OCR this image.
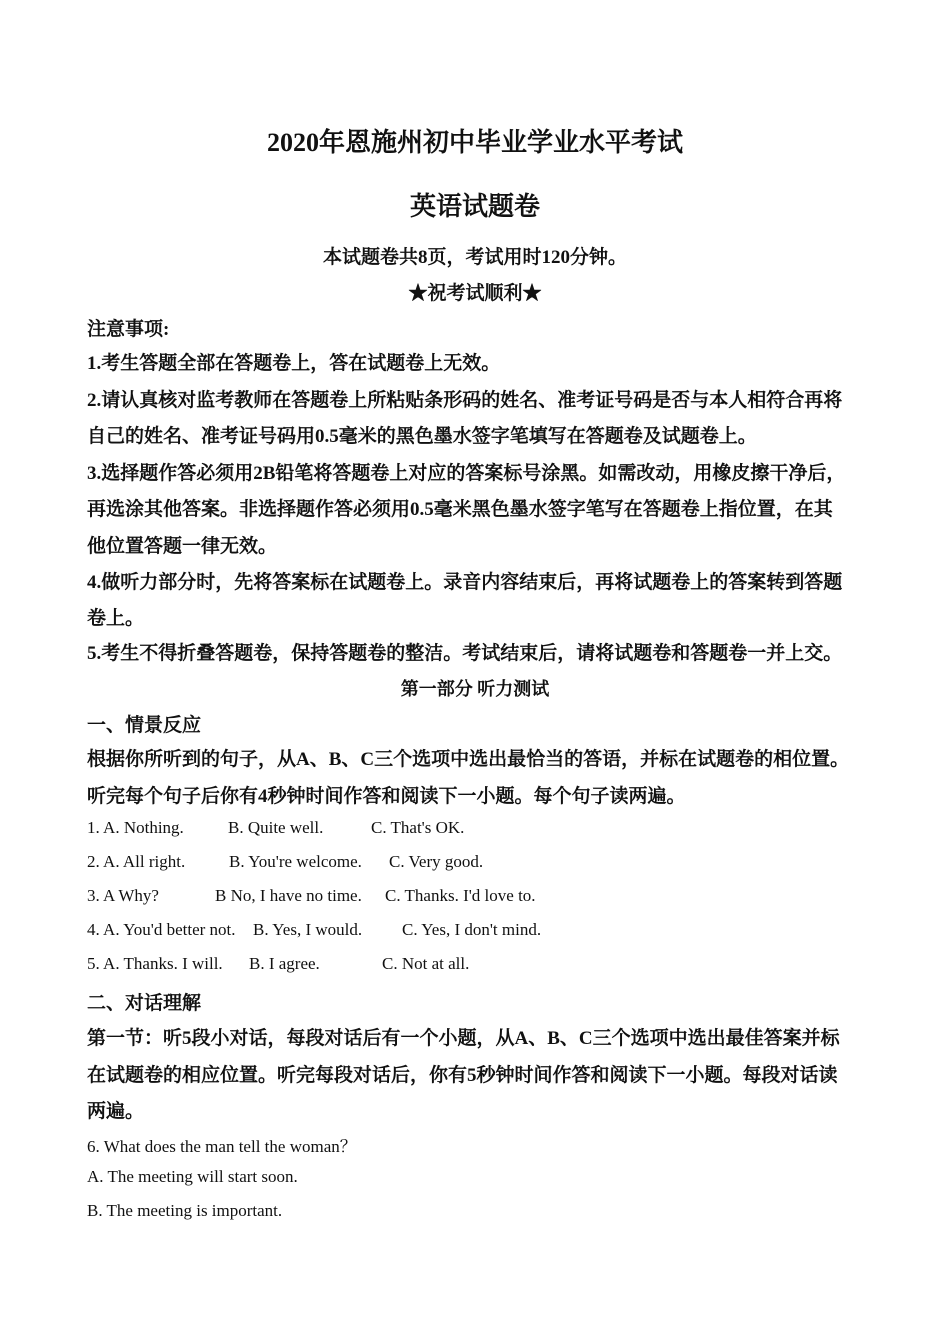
2020年恩施州初中毕业学业水平考试
英语试题卷
本试题卷共8页，考试用时120分钟。
★祝考试顺利★
注意事项:
1.考生答题全部在答题卷上，答在试题卷上无效。
2.请认真核对监考教师在答题卷上所粘贴条形码的姓名、准考证号码是否与本人相符合再将
自己的姓名、准考证号码用0.5毫米的黑色墨水签字笔填写在答题卷及试题卷上。
3.选择题作答必须用2B铅笔将答题卷上对应的答案标号涂黑。如需改动，用橡皮擦干净后，
再选涂其他答案。非选择题作答必须用0.5毫米黑色墨水签字笔写在答题卷上指位置，在其
他位置答题一律无效。
4.做听力部分时，先将答案标在试题卷上。录音内容结束后，再将试题卷上的答案转到答题
卷上。
5.考生不得折叠答题卷，保持答题卷的整洁。考试结束后，请将试题卷和答题卷一并上交。
第一部分 听力测试
一、情景反应
根据你所听到的句子，从A、B、C三个选项中选出最恰当的答语，并标在试题卷的相位置。
听完每个句子后你有4秒钟时间作答和阅读下一小题。每个句子读两遍。
1. A. Nothing.	B. Quite well.	C. That's OK.
2. A. All right.	B. You're welcome. C. Very good.
3. A Why?	B No, I have no time. C. Thanks. I'd love to.
4. A. You'd better not. B. Yes, I would. C. Yes, I don't mind.
5. A. Thanks. I will. B. I agree.	C. Not at all.
二、对话理解
第一节：听5段小对话，每段对话后有一个小题，从A、B、C三个选项中选出最佳答案并标
在试题卷的相应位置。听完每段对话后，你有5秒钟时间作答和阅读下一小题。每段对话读
两遍。
6. What does the man tell the woman？
A. The meeting will start soon.
B. The meeting is important.
